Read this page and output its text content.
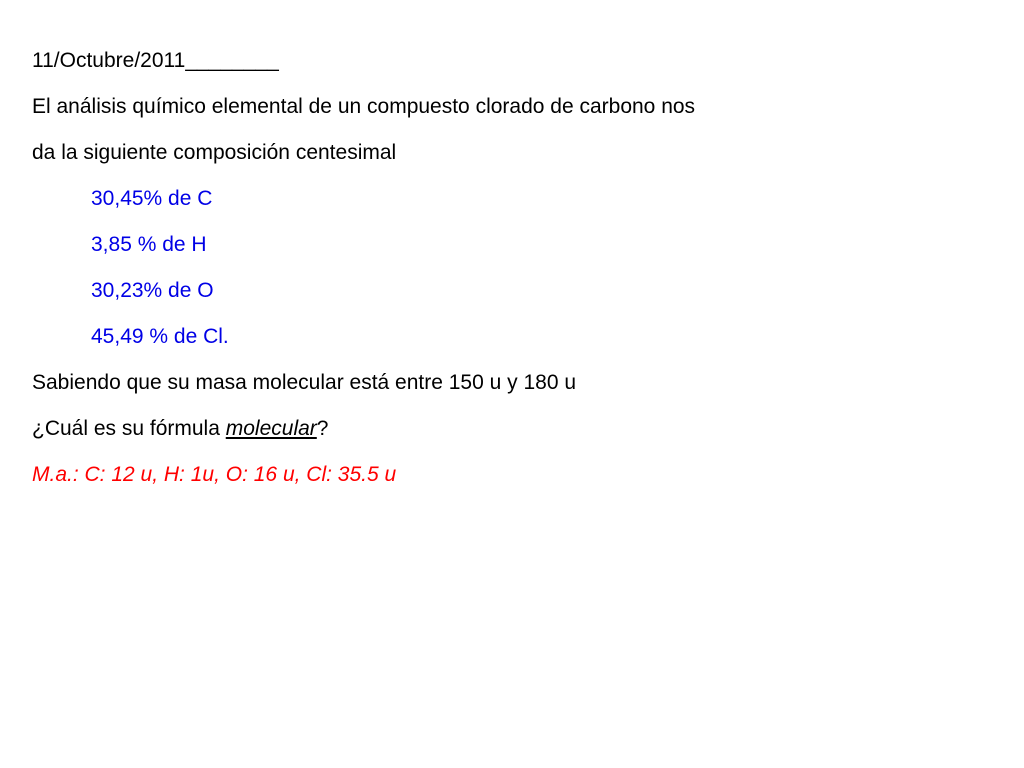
11/Octubre/2011________
El análisis químico elemental de un compuesto clorado de carbono nos
da la siguiente composición centesimal
30,45% de C
3,85 % de H
30,23% de O
45,49 % de Cl.
Sabiendo que su masa molecular está entre 150 u y 180 u
¿Cuál es su fórmula molecular?
M.a.: C: 12 u, H: 1u, O: 16 u, Cl: 35.5 u
